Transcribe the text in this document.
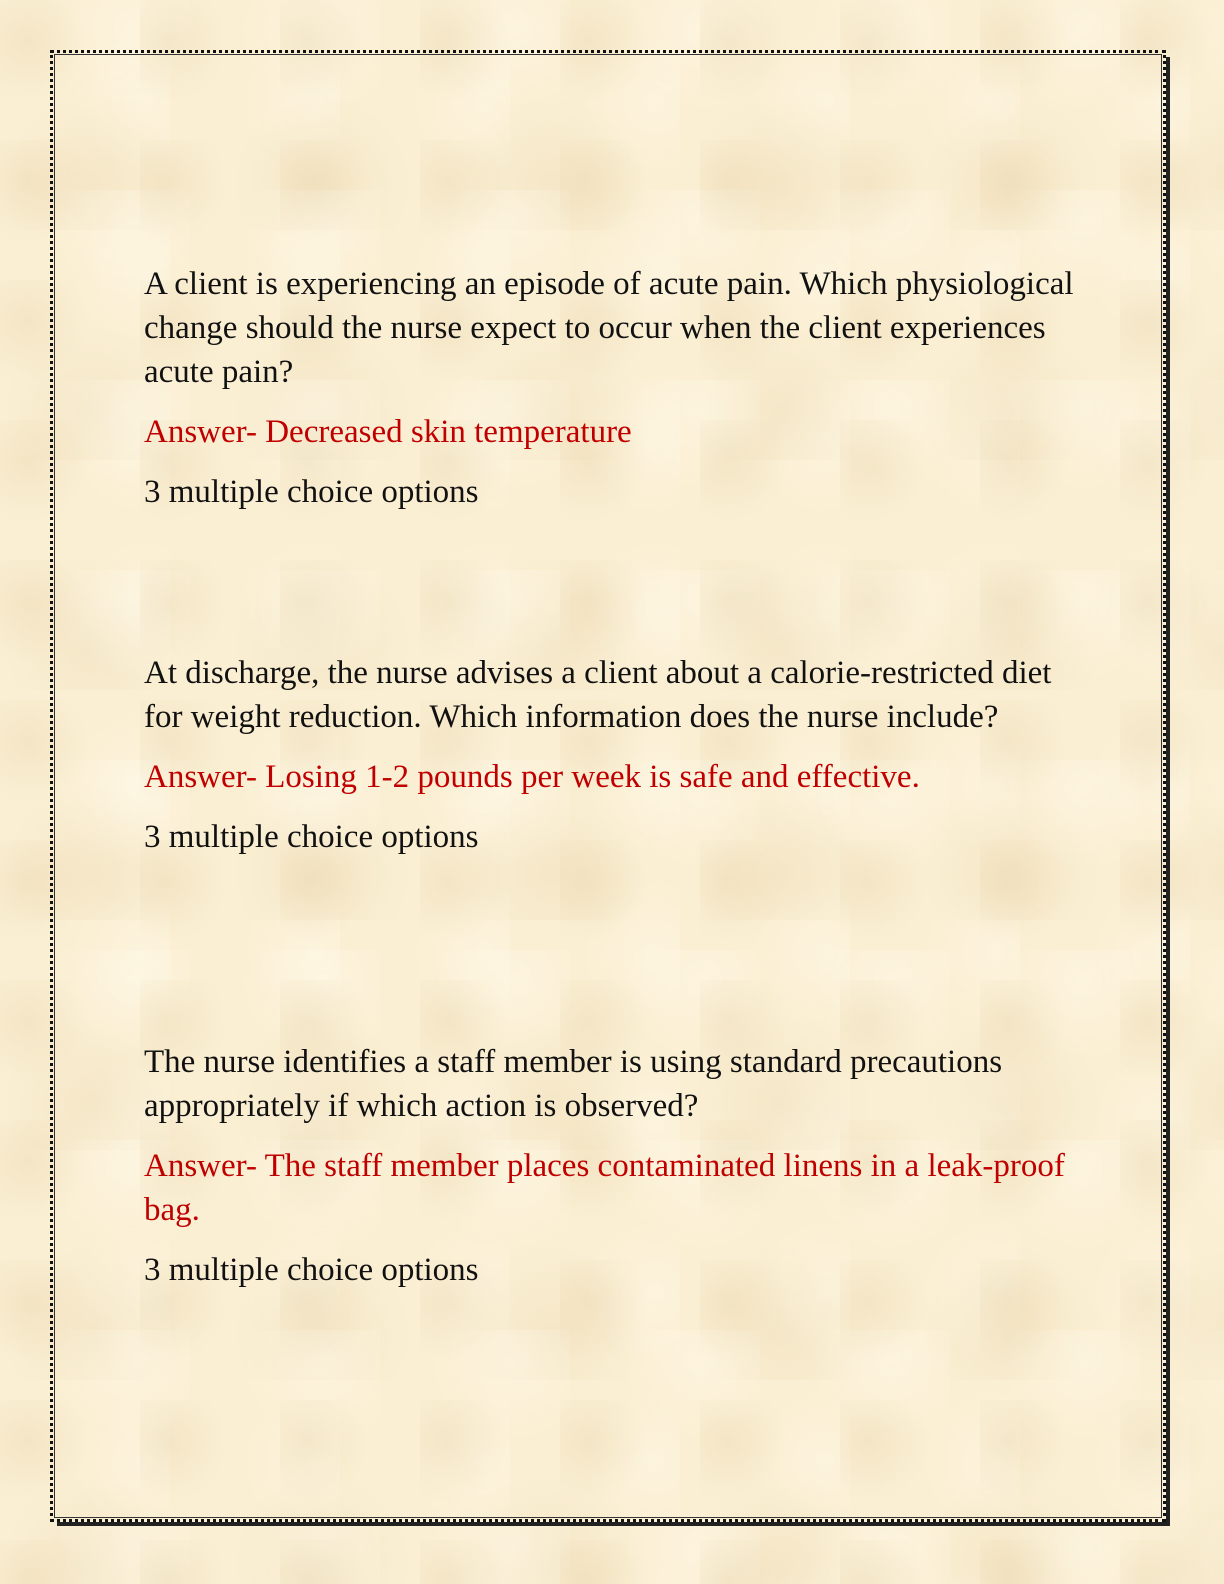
A client is experiencing an episode of acute pain. Which physiological change should the nurse expect to occur when the client experiences acute pain?

Answer- Decreased skin temperature

3 multiple choice options

At discharge, the nurse advises a client about a calorie-restricted diet for weight reduction. Which information does the nurse include?

Answer- Losing 1-2 pounds per week is safe and effective.

3 multiple choice options

The nurse identifies a staff member is using standard precautions appropriately if which action is observed?

Answer- The staff member places contaminated linens in a leak-proof bag.

3 multiple choice options
